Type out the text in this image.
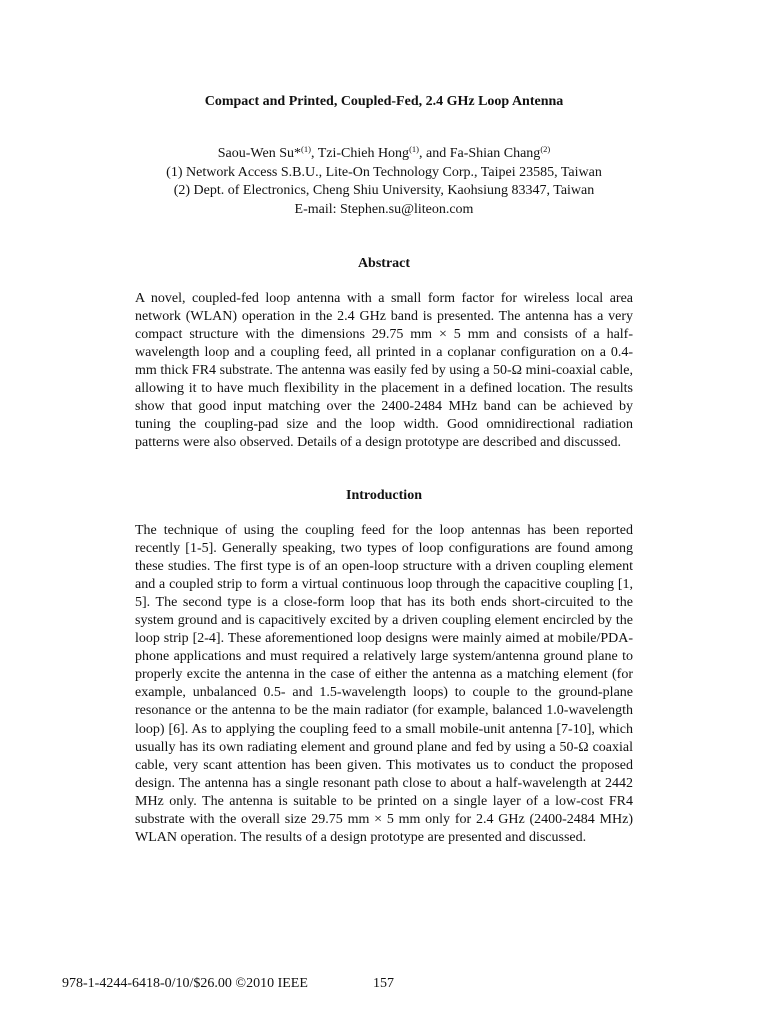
Compact and Printed, Coupled-Fed, 2.4 GHz Loop Antenna
Saou-Wen Su*$^{(1)}$, Tzi-Chieh Hong$^{(1)}$, and Fa-Shian Chang$^{(2)}$
(1) Network Access S.B.U., Lite-On Technology Corp., Taipei 23585, Taiwan
(2) Dept. of Electronics, Cheng Shiu University, Kaohsiung 83347, Taiwan
E-mail: Stephen.su@liteon.com
Abstract

A novel, coupled-fed loop antenna with a small form factor for wireless local area network (WLAN) operation in the 2.4 GHz band is presented. The antenna has a very compact structure with the dimensions 29.75 mm × 5 mm and consists of a half-wavelength loop and a coupling feed, all printed in a coplanar configuration on a 0.4-mm thick FR4 substrate. The antenna was easily fed by using a 50-Ω mini-coaxial cable, allowing it to have much flexibility in the placement in a defined location. The results show that good input matching over the 2400-2484 MHz band can be achieved by tuning the coupling-pad size and the loop width. Good omnidirectional radiation patterns were also observed. Details of a design prototype are described and discussed.

Introduction

The technique of using the coupling feed for the loop antennas has been reported recently [1-5]. Generally speaking, two types of loop configurations are found among these studies. The first type is of an open-loop structure with a driven coupling element and a coupled strip to form a virtual continuous loop through the capacitive coupling [1, 5]. The second type is a close-form loop that has its both ends short-circuited to the system ground and is capacitively excited by a driven coupling element encircled by the loop strip [2-4]. These aforementioned loop designs were mainly aimed at mobile/PDA-phone applications and must required a relatively large system/antenna ground plane to properly excite the antenna in the case of either the antenna as a matching element (for example, unbalanced 0.5- and 1.5-wavelength loops) to couple to the ground-plane resonance or the antenna to be the main radiator (for example, balanced 1.0-wavelength loop) [6]. As to applying the coupling feed to a small mobile-unit antenna [7-10], which usually has its own radiating element and ground plane and fed by using a 50-Ω coaxial cable, very scant attention has been given. This motivates us to conduct the proposed design. The antenna has a single resonant path close to about a half-wavelength at 2442 MHz only. The antenna is suitable to be printed on a single layer of a low-cost FR4 substrate with the overall size 29.75 mm × 5 mm only for 2.4 GHz (2400-2484 MHz) WLAN operation. The results of a design prototype are presented and discussed.

978-1-4244-6418-0/10/$26.00 ©2010 IEEE	157
